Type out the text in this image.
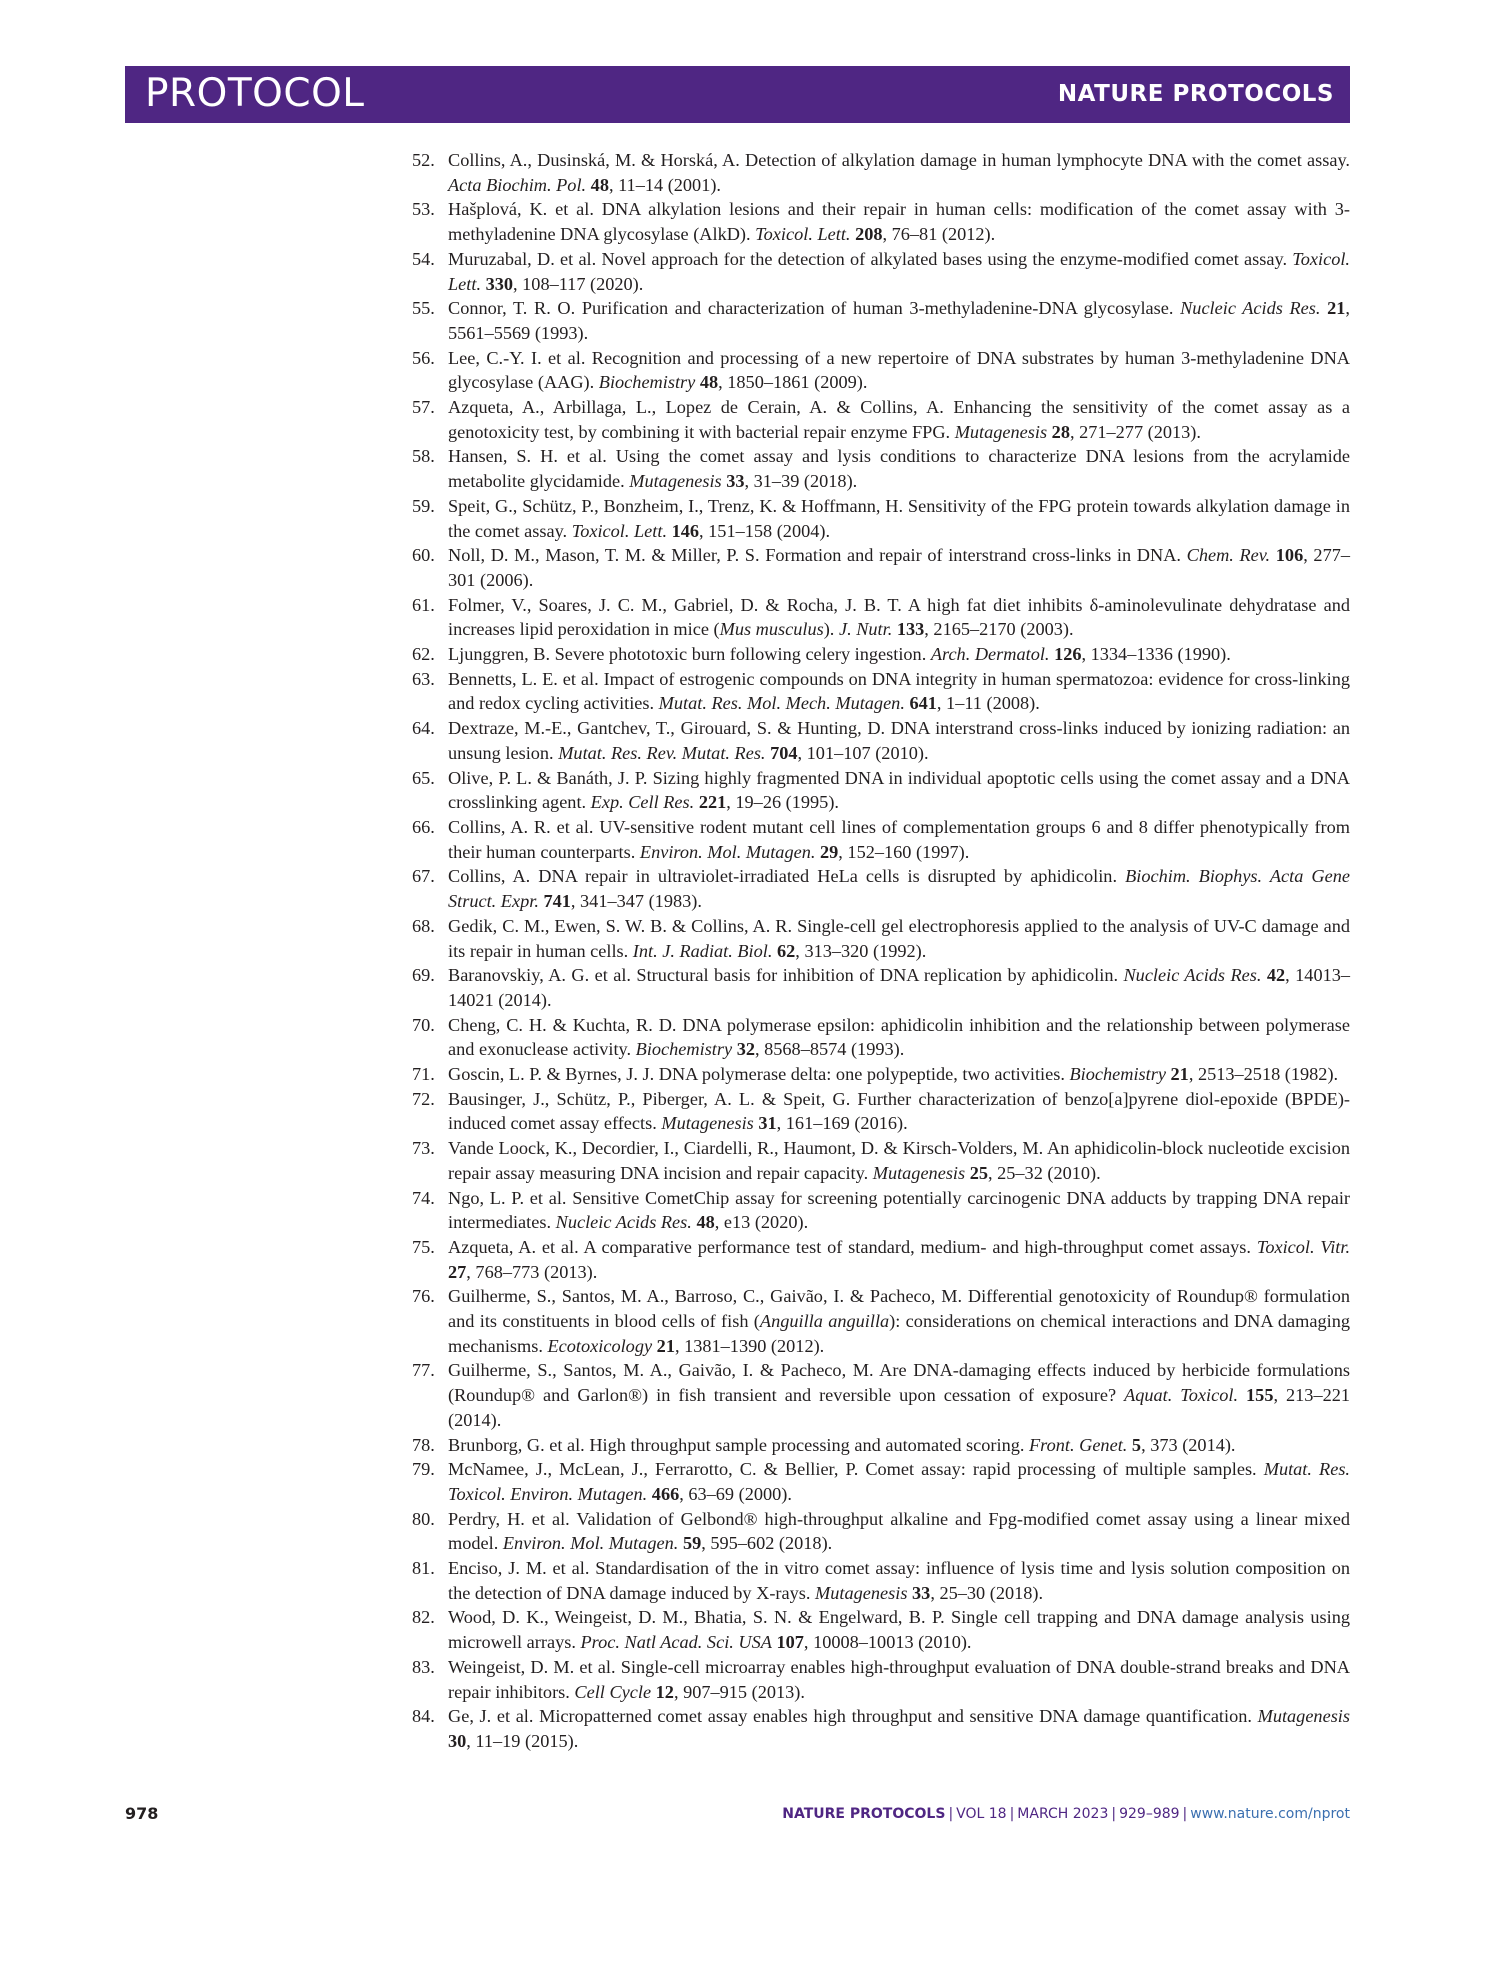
PROTOCOL	NATURE PROTOCOLS
52. Collins, A., Dusinská, M. & Horská, A. Detection of alkylation damage in human lymphocyte DNA with the comet assay. Acta Biochim. Pol. 48, 11–14 (2001).
53. Hašplová, K. et al. DNA alkylation lesions and their repair in human cells: modification of the comet assay with 3-methyladenine DNA glycosylase (AlkD). Toxicol. Lett. 208, 76–81 (2012).
54. Muruzabal, D. et al. Novel approach for the detection of alkylated bases using the enzyme-modified comet assay. Toxicol. Lett. 330, 108–117 (2020).
55. Connor, T. R. O. Purification and characterization of human 3-methyladenine-DNA glycosylase. Nucleic Acids Res. 21, 5561–5569 (1993).
56. Lee, C.-Y. I. et al. Recognition and processing of a new repertoire of DNA substrates by human 3-methyladenine DNA glycosylase (AAG). Biochemistry 48, 1850–1861 (2009).
57. Azqueta, A., Arbillaga, L., Lopez de Cerain, A. & Collins, A. Enhancing the sensitivity of the comet assay as a genotoxicity test, by combining it with bacterial repair enzyme FPG. Mutagenesis 28, 271–277 (2013).
58. Hansen, S. H. et al. Using the comet assay and lysis conditions to characterize DNA lesions from the acrylamide metabolite glycidamide. Mutagenesis 33, 31–39 (2018).
59. Speit, G., Schütz, P., Bonzheim, I., Trenz, K. & Hoffmann, H. Sensitivity of the FPG protein towards alkylation damage in the comet assay. Toxicol. Lett. 146, 151–158 (2004).
60. Noll, D. M., Mason, T. M. & Miller, P. S. Formation and repair of interstrand cross-links in DNA. Chem. Rev. 106, 277–301 (2006).
61. Folmer, V., Soares, J. C. M., Gabriel, D. & Rocha, J. B. T. A high fat diet inhibits δ-aminolevulinate dehydratase and increases lipid peroxidation in mice (Mus musculus). J. Nutr. 133, 2165–2170 (2003).
62. Ljunggren, B. Severe phototoxic burn following celery ingestion. Arch. Dermatol. 126, 1334–1336 (1990).
63. Bennetts, L. E. et al. Impact of estrogenic compounds on DNA integrity in human spermatozoa: evidence for cross-linking and redox cycling activities. Mutat. Res. Mol. Mech. Mutagen. 641, 1–11 (2008).
64. Dextraze, M.-E., Gantchev, T., Girouard, S. & Hunting, D. DNA interstrand cross-links induced by ionizing radiation: an unsung lesion. Mutat. Res. Rev. Mutat. Res. 704, 101–107 (2010).
65. Olive, P. L. & Banáth, J. P. Sizing highly fragmented DNA in individual apoptotic cells using the comet assay and a DNA crosslinking agent. Exp. Cell Res. 221, 19–26 (1995).
66. Collins, A. R. et al. UV-sensitive rodent mutant cell lines of complementation groups 6 and 8 differ phenotypically from their human counterparts. Environ. Mol. Mutagen. 29, 152–160 (1997).
67. Collins, A. DNA repair in ultraviolet-irradiated HeLa cells is disrupted by aphidicolin. Biochim. Biophys. Acta Gene Struct. Expr. 741, 341–347 (1983).
68. Gedik, C. M., Ewen, S. W. B. & Collins, A. R. Single-cell gel electrophoresis applied to the analysis of UV-C damage and its repair in human cells. Int. J. Radiat. Biol. 62, 313–320 (1992).
69. Baranovskiy, A. G. et al. Structural basis for inhibition of DNA replication by aphidicolin. Nucleic Acids Res. 42, 14013–14021 (2014).
70. Cheng, C. H. & Kuchta, R. D. DNA polymerase epsilon: aphidicolin inhibition and the relationship between polymerase and exonuclease activity. Biochemistry 32, 8568–8574 (1993).
71. Goscin, L. P. & Byrnes, J. J. DNA polymerase delta: one polypeptide, two activities. Biochemistry 21, 2513–2518 (1982).
72. Bausinger, J., Schütz, P., Piberger, A. L. & Speit, G. Further characterization of benzo[a]pyrene diol-epoxide (BPDE)-induced comet assay effects. Mutagenesis 31, 161–169 (2016).
73. Vande Loock, K., Decordier, I., Ciardelli, R., Haumont, D. & Kirsch-Volders, M. An aphidicolin-block nucleotide excision repair assay measuring DNA incision and repair capacity. Mutagenesis 25, 25–32 (2010).
74. Ngo, L. P. et al. Sensitive CometChip assay for screening potentially carcinogenic DNA adducts by trapping DNA repair intermediates. Nucleic Acids Res. 48, e13 (2020).
75. Azqueta, A. et al. A comparative performance test of standard, medium- and high-throughput comet assays. Toxicol. Vitr. 27, 768–773 (2013).
76. Guilherme, S., Santos, M. A., Barroso, C., Gaivão, I. & Pacheco, M. Differential genotoxicity of Roundup® formulation and its constituents in blood cells of fish (Anguilla anguilla): considerations on chemical interactions and DNA damaging mechanisms. Ecotoxicology 21, 1381–1390 (2012).
77. Guilherme, S., Santos, M. A., Gaivão, I. & Pacheco, M. Are DNA-damaging effects induced by herbicide formulations (Roundup® and Garlon®) in fish transient and reversible upon cessation of exposure? Aquat. Toxicol. 155, 213–221 (2014).
78. Brunborg, G. et al. High throughput sample processing and automated scoring. Front. Genet. 5, 373 (2014).
79. McNamee, J., McLean, J., Ferrarotto, C. & Bellier, P. Comet assay: rapid processing of multiple samples. Mutat. Res. Toxicol. Environ. Mutagen. 466, 63–69 (2000).
80. Perdry, H. et al. Validation of Gelbond® high-throughput alkaline and Fpg-modified comet assay using a linear mixed model. Environ. Mol. Mutagen. 59, 595–602 (2018).
81. Enciso, J. M. et al. Standardisation of the in vitro comet assay: influence of lysis time and lysis solution composition on the detection of DNA damage induced by X-rays. Mutagenesis 33, 25–30 (2018).
82. Wood, D. K., Weingeist, D. M., Bhatia, S. N. & Engelward, B. P. Single cell trapping and DNA damage analysis using microwell arrays. Proc. Natl Acad. Sci. USA 107, 10008–10013 (2010).
83. Weingeist, D. M. et al. Single-cell microarray enables high-throughput evaluation of DNA double-strand breaks and DNA repair inhibitors. Cell Cycle 12, 907–915 (2013).
84. Ge, J. et al. Micropatterned comet assay enables high throughput and sensitive DNA damage quantification. Mutagenesis 30, 11–19 (2015).
978	NATURE PROTOCOLS | VOL 18 | MARCH 2023 | 929–989 | www.nature.com/nprot
